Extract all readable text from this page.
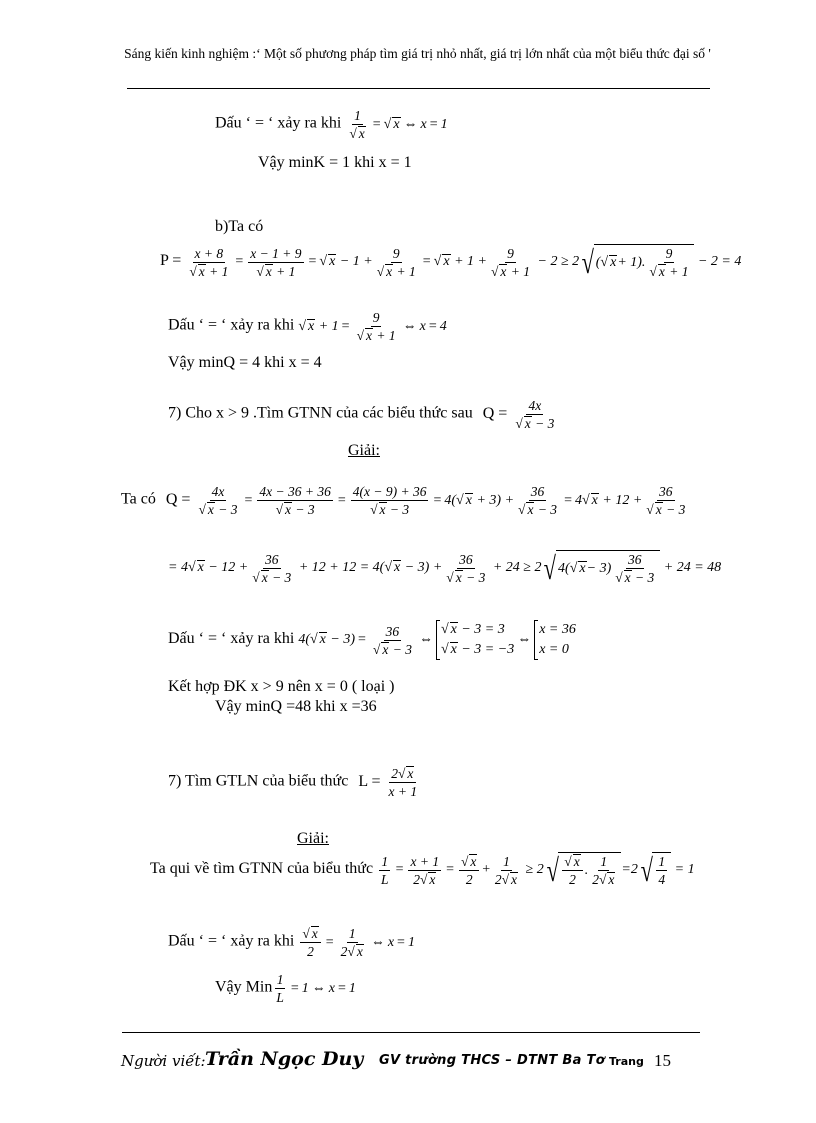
Sáng kiến kinh nghiệm :‘ Một số phương pháp tìm giá trị nhỏ nhất, giá trị lớn nhất của một biểu thức đại số '
Dấu ‘ = ‘ xảy ra khi $\frac{1}{√ x}$ = √ x ⇔ x = 1
Vậy minK = 1 khi x = 1
b)Ta có
$P = \frac{x + 8}{√ x + 1} = \frac{x - 1 + 9}{√ x + 1}$ = √ $x - 1 + \frac{9}{√ x + 1}$ = √ $x + 1 + \frac{9}{√ x + 1} - 2 \ge 2$ √ ( √ x + 1).
9
√ x + 1
− 2 = 4
Dấu ‘ = ‘ xảy ra khi √ $x + 1 = \frac{9}{√ x + 1}$ ⇔ x = 4
Vậy minQ = 4 khi x = 4
7) Cho x > 9 .Tìm GTNN của các biểu thức sau $Q = \frac{4x}{√ x - 3}$
Giải:
Ta có $Q = \frac{4x}{√ x - 3} = \frac{4x - 36 + 36}{√ x - 3} = \frac{4(x - 9) + 36}{√ x - 3} = 4(√$ $x + 3) + \frac{36}{√ x - 3} = 4√$ $x + 12 + \frac{36}{√ x - 3}$
= 4√ $x - 12 + \frac{36}{√ x - 3} + 12 + 12 = 4(√$ $x - 3) + \frac{36}{√ x - 3} + 24 \ge 2$ √ 4( √ x − 3)
36
√ x − 3
+ 24 = 48
Dấu ‘ = ‘ xảy ra khi 4(√ $x - 3) = \frac{36}{√ x - 3}$ ⇔
√ x − 3 = 3
√ x − 3 = −3
⇔
x = 36
x = 0
Kết hợp ĐK x > 9 nên x = 0 ( loại )
Vậy minQ =48 khi x =36
7) Tìm GTLN của biểu thức $L = \frac{2√ x}{x + 1}$
Giải:
Ta qui về tìm GTNN của biểu thức $\frac{1}{L} = \frac{x + 1}{2√ x} = \frac{√ x}{2} + \frac{1}{2√ x} \ge 2$ √ √ x
2
.
1
2√ x
=2 √ 1
4
= 1
Dấu ‘ = ‘ xảy ra khi $\frac{√ x}{2} = \frac{1}{2√ x}$ ⇔ x = 1
Vậy Min $\frac{1}{L} = 1$ ⇔ x = 1
Người viết: Trần Ngọc Duy GV trường THCS – DTNT Ba Tơ Trang 15
